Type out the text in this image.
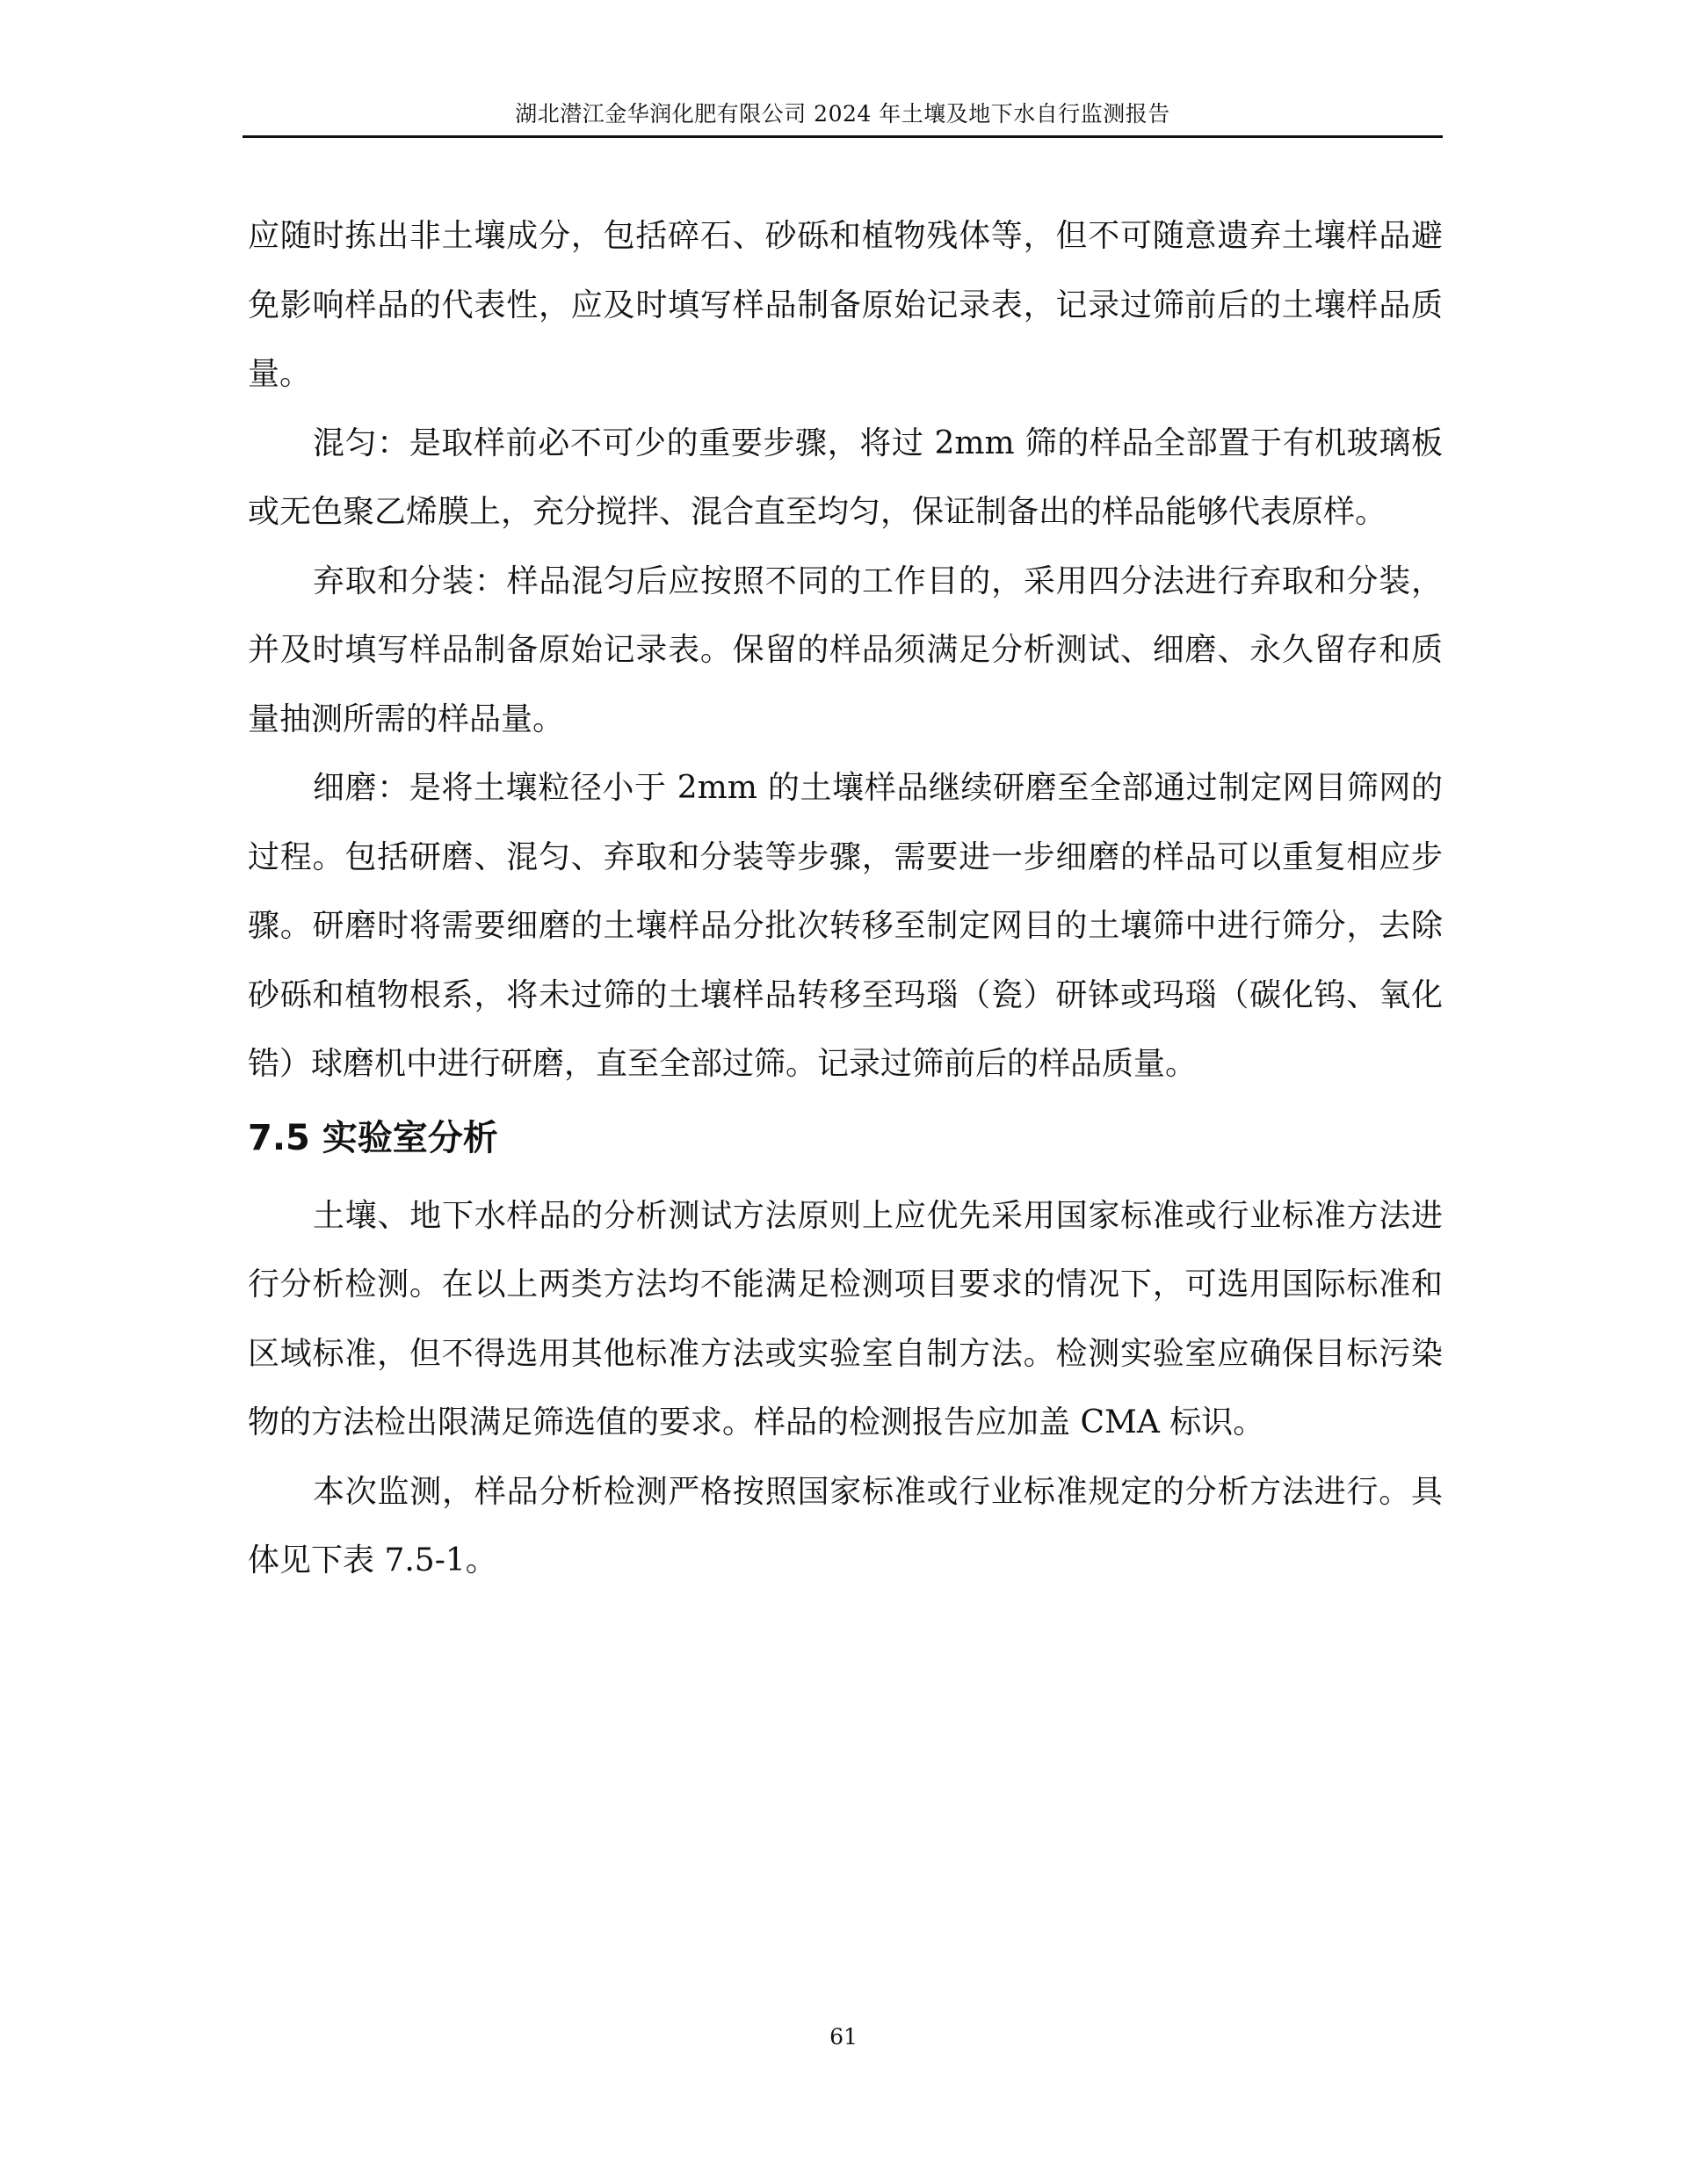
湖北潜江金华润化肥有限公司 2024 年土壤及地下水自行监测报告

应随时拣出非土壤成分，包括碎石、砂砾和植物残体等，但不可随意遗弃土壤样品避免影响样品的代表性，应及时填写样品制备原始记录表，记录过筛前后的土壤样品质量。

混匀：是取样前必不可少的重要步骤，将过 2mm 筛的样品全部置于有机玻璃板或无色聚乙烯膜上，充分搅拌、混合直至均匀，保证制备出的样品能够代表原样。

弃取和分装：样品混匀后应按照不同的工作目的，采用四分法进行弃取和分装，并及时填写样品制备原始记录表。保留的样品须满足分析测试、细磨、永久留存和质量抽测所需的样品量。

细磨：是将土壤粒径小于 2mm 的土壤样品继续研磨至全部通过制定网目筛网的过程。包括研磨、混匀、弃取和分装等步骤，需要进一步细磨的样品可以重复相应步骤。研磨时将需要细磨的土壤样品分批次转移至制定网目的土壤筛中进行筛分，去除砂砾和植物根系，将未过筛的土壤样品转移至玛瑙（瓷）研钵或玛瑙（碳化钨、氧化锆）球磨机中进行研磨，直至全部过筛。记录过筛前后的样品质量。

7.5 实验室分析

土壤、地下水样品的分析测试方法原则上应优先采用国家标准或行业标准方法进行分析检测。在以上两类方法均不能满足检测项目要求的情况下，可选用国际标准和区域标准，但不得选用其他标准方法或实验室自制方法。检测实验室应确保目标污染物的方法检出限满足筛选值的要求。样品的检测报告应加盖 CMA 标识。

本次监测，样品分析检测严格按照国家标准或行业标准规定的分析方法进行。具体见下表 7.5-1。

61
